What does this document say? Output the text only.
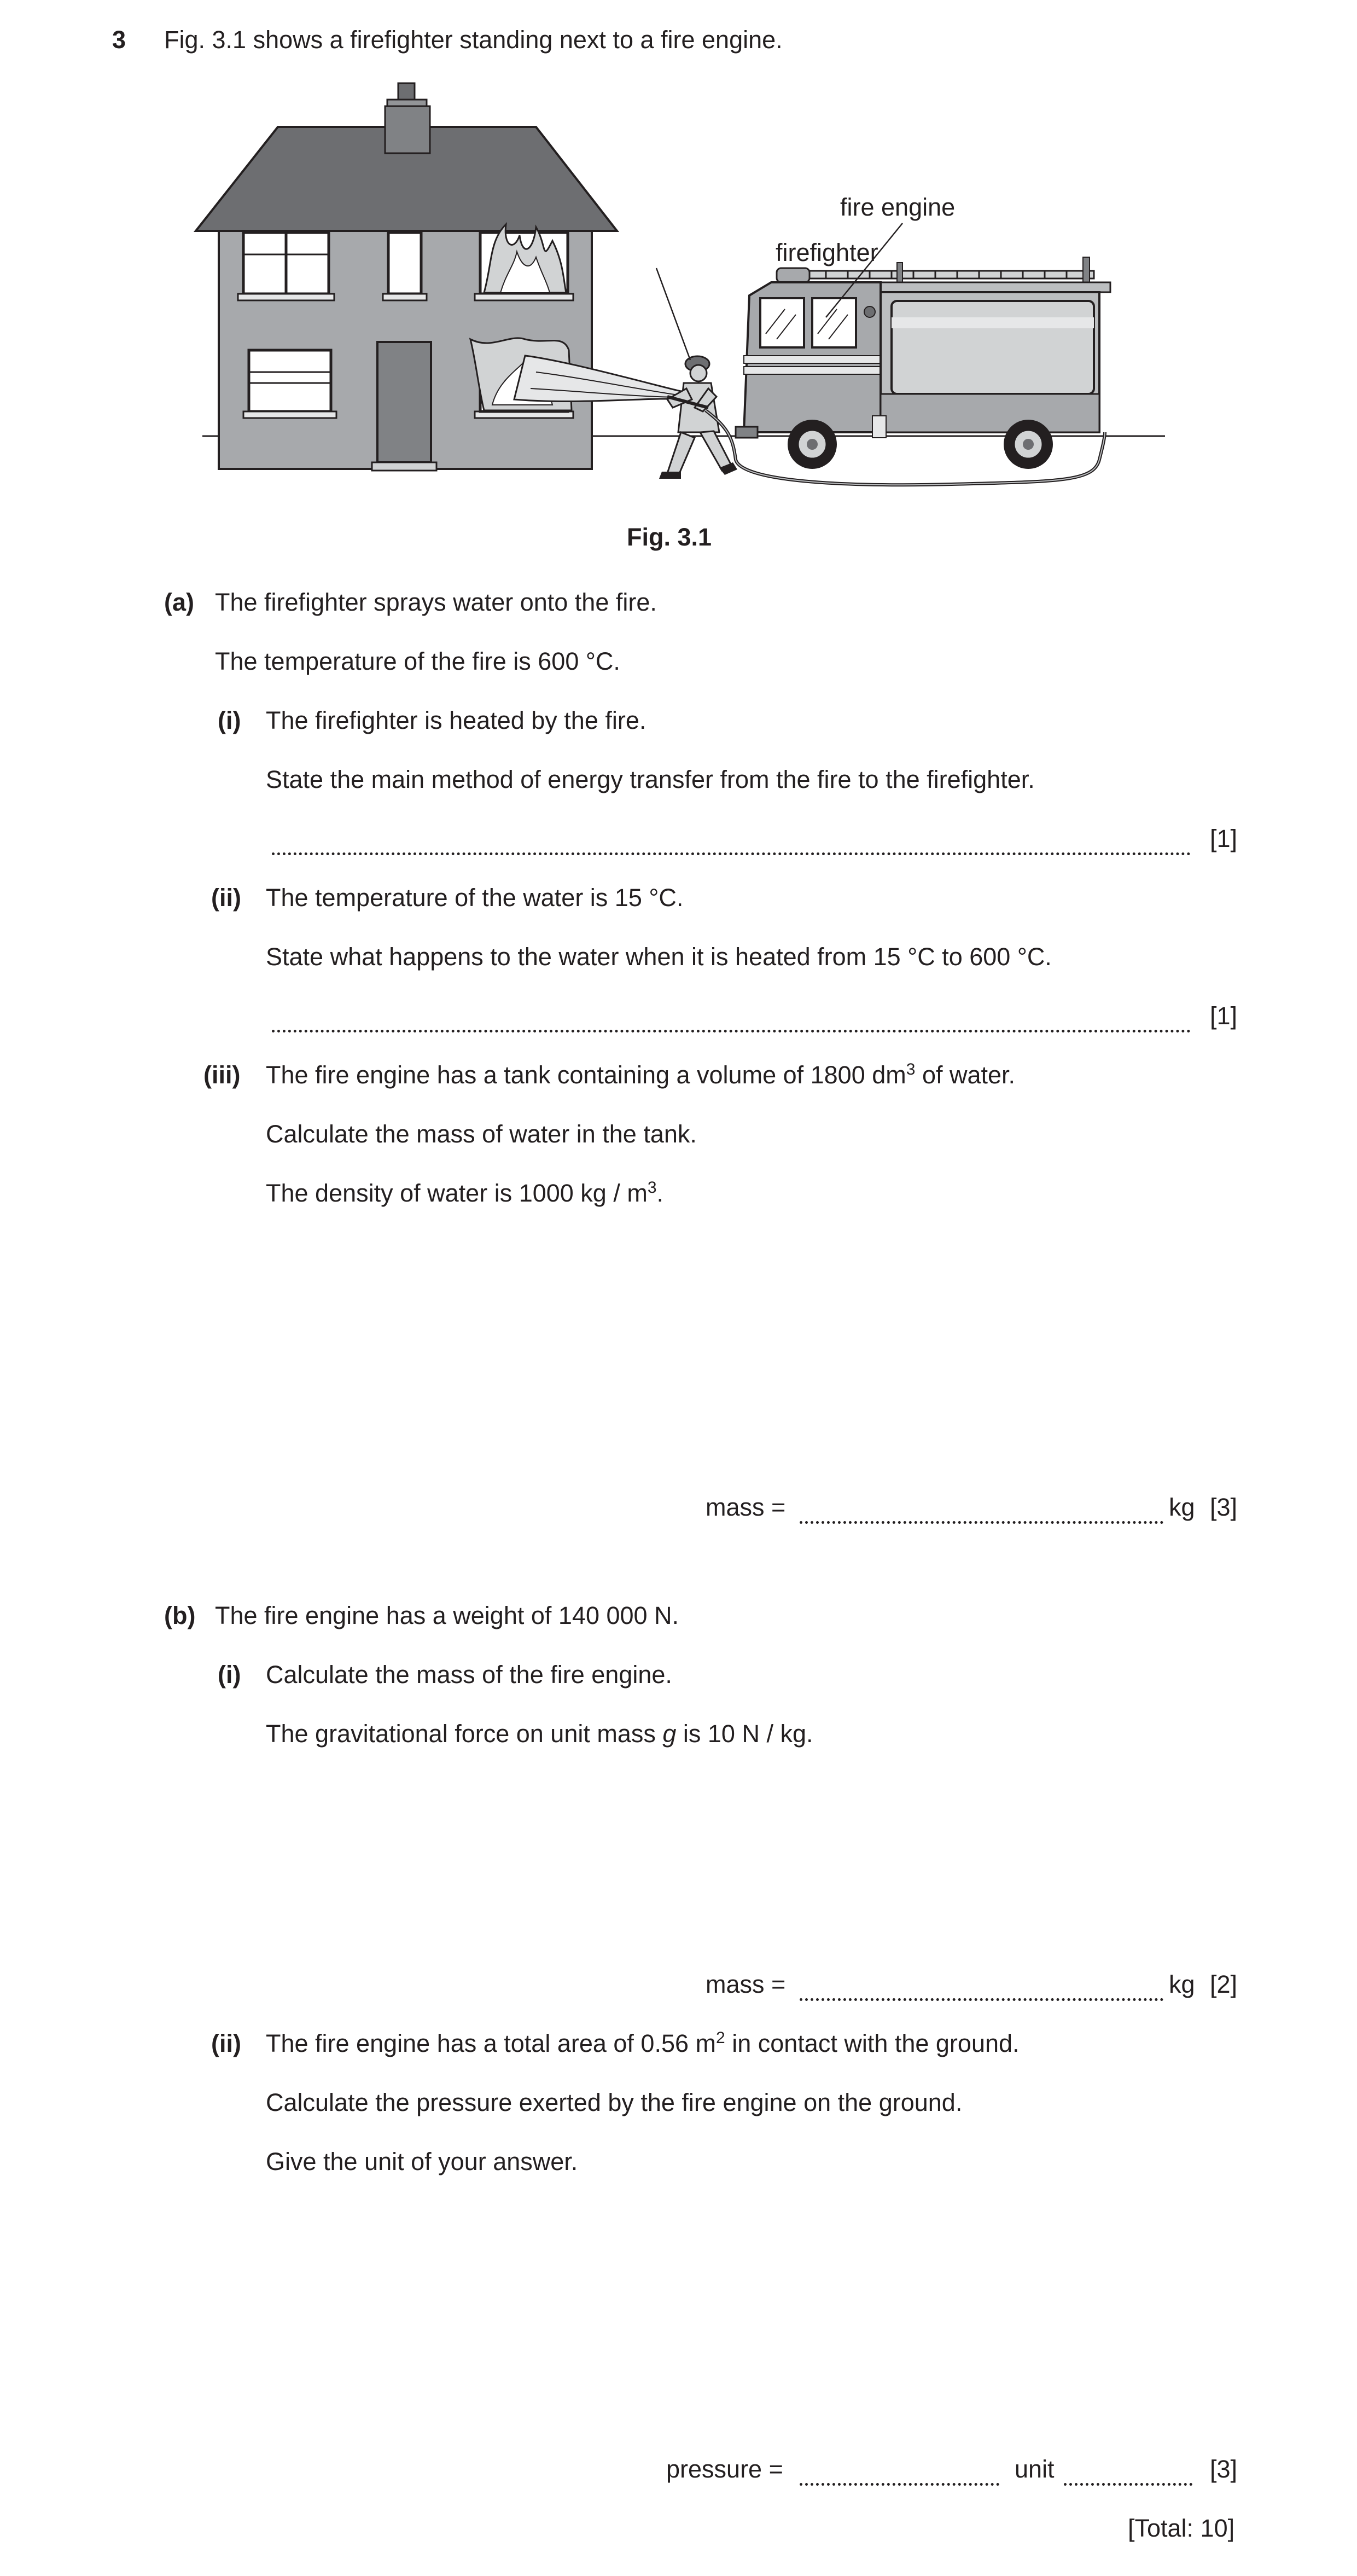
3 Fig. 3.1 shows a firefighter standing next to a fire engine.
firefighter
fire engine
Fig. 3.1
(a) The firefighter sprays water onto the fire.
The temperature of the fire is 600 °C.
(i) The firefighter is heated by the fire.
State the main method of energy transfer from the fire to the firefighter.
[1]
(ii) The temperature of the water is 15 °C.
State what happens to the water when it is heated from 15 °C to 600 °C.
[1]
(iii) The fire engine has a tank containing a volume of 1800 $dm^3$ of water.
Calculate the mass of water in the tank.
The density of water is 1000 kg / $m^3$.
mass =	kg [3]
(b) The fire engine has a weight of 140 000 N.
(i) Calculate the mass of the fire engine.
The gravitational force on unit mass g is 10 N / kg.
mass =	kg [2]
(ii) The fire engine has a total area of 0.56 $m^2$ in contact with the ground.
Calculate the pressure exerted by the fire engine on the ground.
Give the unit of your answer.
pressure =	unit	[3]
[Total: 10]
